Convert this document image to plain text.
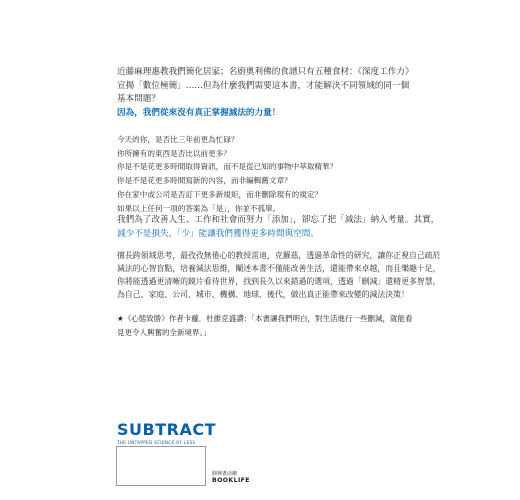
近藤麻理惠教我們簡化居家；名廚奧利佛的食譜只有五種食材：《深度工作力》
宣揚「數位極簡」……但為什麼我們需要這本書，才能解決不同領域的同一個
基本問題？
因為，我們從來沒有真正掌握減法的力量！
今天的你，是否比三年前更為忙碌？
你所擁有的東西是否比以前更多？
你是不是花更多時間取得資訊，而不是從已知的事物中萃取精華？
你是不是花更多時間寫新的內容，而非編輯舊文章？
你在家中或公司是否訂下更多新規矩，而非刪除現有的規定？
如果以上任何一項的答案為「是」，你並不孤單。
我們為了改善人生、工作和社會而努力「添加」，卻忘了把「減法」納入考量。其實，
減少不是損失，「少」能讓我們獲得更多時間與空間。
擅長跨領域思考，最孜孜無倦心的教授雷迪，克羅茲，透過革命性的研究，讓你正視自己疏於
減法的心智盲點，培養減法思維，闡述本書不僅能改善生活，還能帶來卓越，而且樂趣十足，
你將能透過更清晰的鏡片看待世界，找到長久以來錯過的選項，透過「刪減」還精更多智慧，
為自己、家庭、公司、城市、機構、地球、後代，做出真正能帶來改變的減法決策！
★《心態致勝》作者卡蘿．杜維克盛讚：「本書讓我們明白，對生活進行一些刪減，就能看
見更令人興奮的全新境界。」
SUBTRACT
THE UNTAPPED SCIENCE OF LESS
圓神書活網
BOOKLIFE
